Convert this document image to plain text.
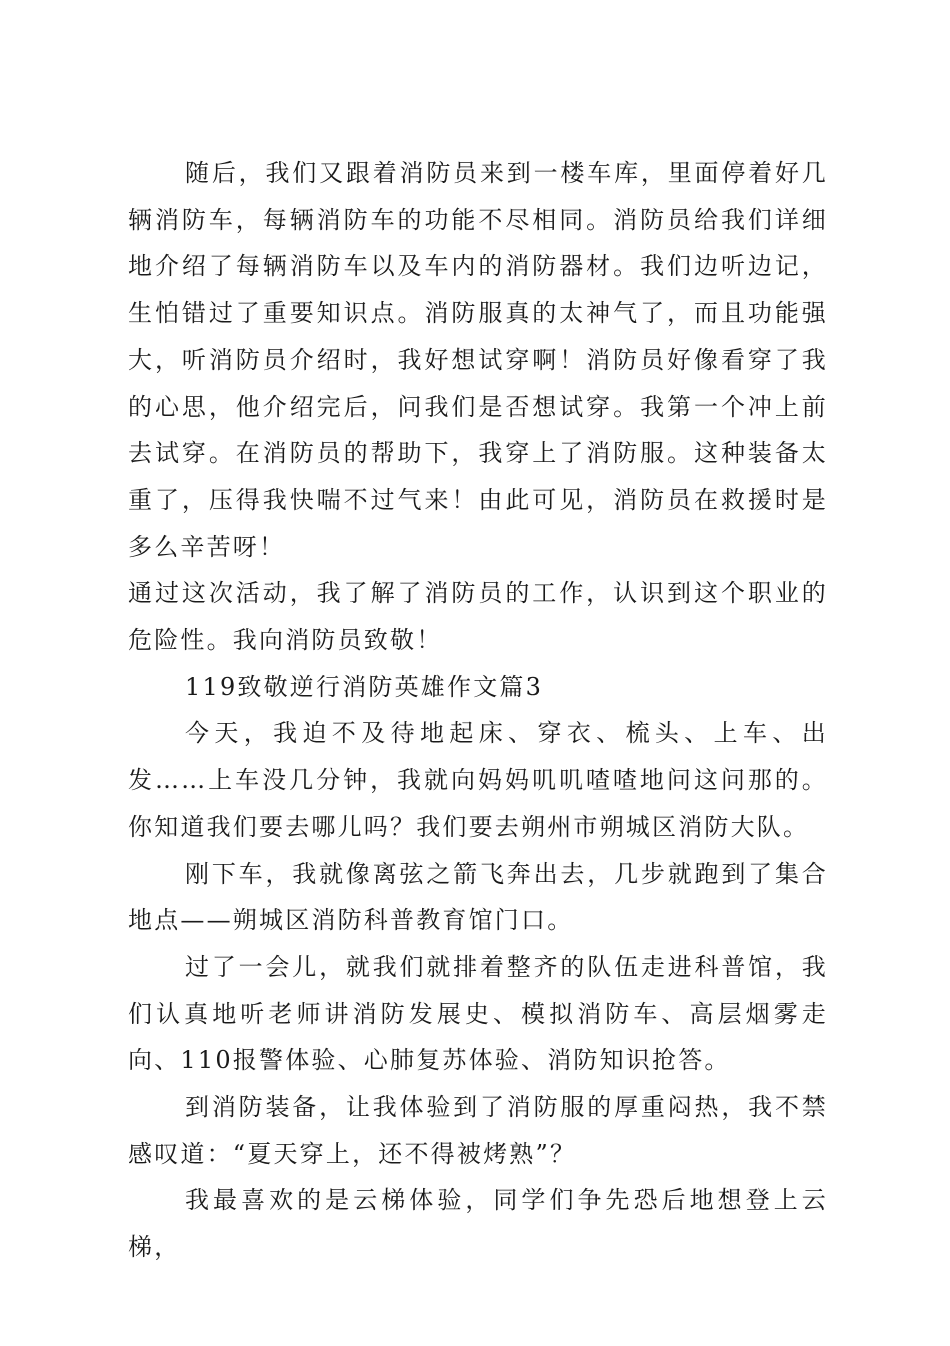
随后，我们又跟着消防员来到一楼车库，里面停着好几辆消防车，每辆消防车的功能不尽相同。消防员给我们详细地介绍了每辆消防车以及车内的消防器材。我们边听边记，生怕错过了重要知识点。消防服真的太神气了，而且功能强大，听消防员介绍时，我好想试穿啊！消防员好像看穿了我的心思，他介绍完后，问我们是否想试穿。我第一个冲上前去试穿。在消防员的帮助下，我穿上了消防服。这种装备太重了，压得我快喘不过气来！由此可见，消防员在救援时是多么辛苦呀！

通过这次活动，我了解了消防员的工作，认识到这个职业的危险性。我向消防员致敬！

119致敬逆行消防英雄作文篇3

今天，我迫不及待地起床、穿衣、梳头、上车、出发……上车没几分钟，我就向妈妈叽叽喳喳地问这问那的。你知道我们要去哪儿吗？我们要去朔州市朔城区消防大队。

刚下车，我就像离弦之箭飞奔出去，几步就跑到了集合地点——朔城区消防科普教育馆门口。

过了一会儿，就我们就排着整齐的队伍走进科普馆，我们认真地听老师讲消防发展史、模拟消防车、高层烟雾走向、110报警体验、心肺复苏体验、消防知识抢答。

到消防装备，让我体验到了消防服的厚重闷热，我不禁感叹道：“夏天穿上，还不得被烤熟”？

我最喜欢的是云梯体验，同学们争先恐后地想登上云梯，
